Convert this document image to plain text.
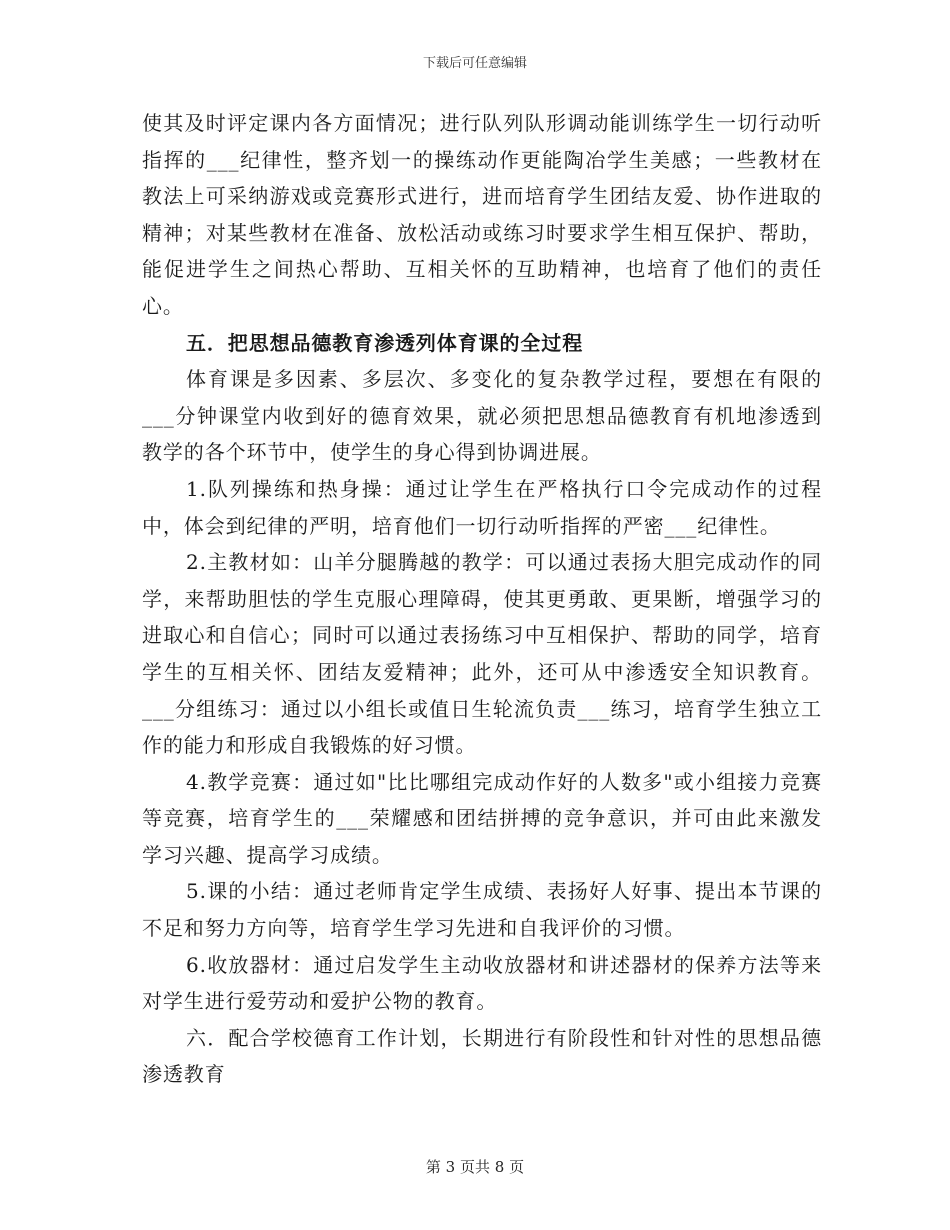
下载后可任意编辑

使其及时评定课内各方面情况；进行队列队形调动能训练学生一切行动听指挥的___纪律性，整齐划一的操练动作更能陶冶学生美感；一些教材在教法上可采纳游戏或竞赛形式进行，进而培育学生团结友爱、协作进取的精神；对某些教材在准备、放松活动或练习时要求学生相互保护、帮助，能促进学生之间热心帮助、互相关怀的互助精神，也培育了他们的责任心。

五．把思想品德教育渗透列体育课的全过程

体育课是多因素、多层次、多变化的复杂教学过程，要想在有限的___分钟课堂内收到好的德育效果，就必须把思想品德教育有机地渗透到教学的各个环节中，使学生的身心得到协调进展。

1.队列操练和热身操：通过让学生在严格执行口令完成动作的过程中，体会到纪律的严明，培育他们一切行动听指挥的严密___纪律性。

2.主教材如：山羊分腿腾越的教学：可以通过表扬大胆完成动作的同学，来帮助胆怯的学生克服心理障碍，使其更勇敢、更果断，增强学习的进取心和自信心；同时可以通过表扬练习中互相保护、帮助的同学，培育学生的互相关怀、团结友爱精神；此外，还可从中渗透安全知识教育。___分组练习：通过以小组长或值日生轮流负责___练习，培育学生独立工作的能力和形成自我锻炼的好习惯。

4.教学竞赛：通过如"比比哪组完成动作好的人数多"或小组接力竞赛等竞赛，培育学生的___荣耀感和团结拼搏的竞争意识，并可由此来激发学习兴趣、提高学习成绩。

5.课的小结：通过老师肯定学生成绩、表扬好人好事、提出本节课的不足和努力方向等，培育学生学习先进和自我评价的习惯。

6.收放器材：通过启发学生主动收放器材和讲述器材的保养方法等来对学生进行爱劳动和爱护公物的教育。

六．配合学校德育工作计划，长期进行有阶段性和针对性的思想品德渗透教育

第 3 页共 8 页
